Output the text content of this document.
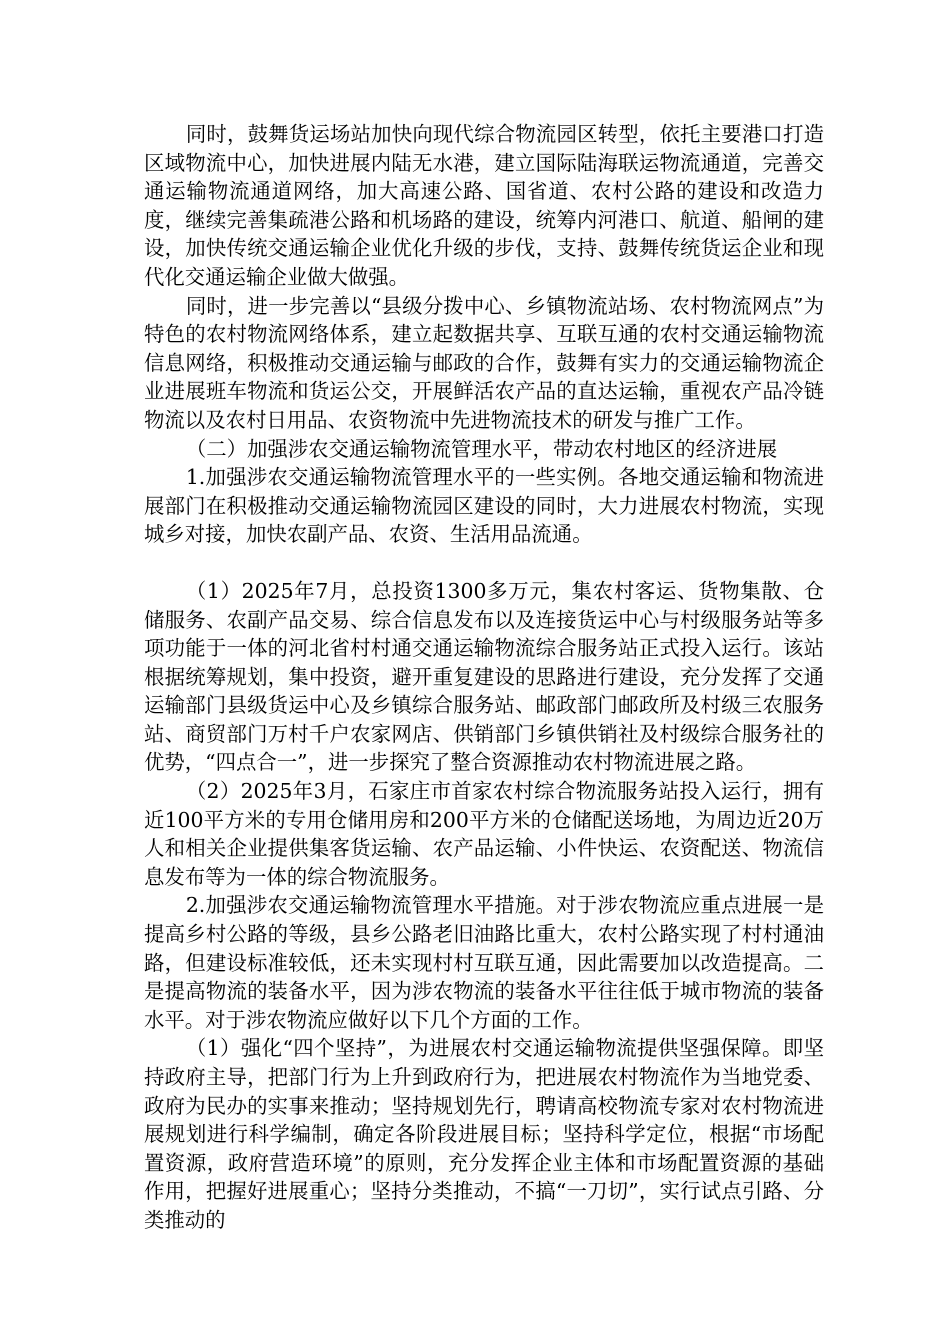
同时，鼓舞货运场站加快向现代综合物流园区转型，依托主要港口打造区域物流中心，加快进展内陆无水港，建立国际陆海联运物流通道，完善交通运输物流通道网络，加大高速公路、国省道、农村公路的建设和改造力度，继续完善集疏港公路和机场路的建设，统筹内河港口、航道、船闸的建设，加快传统交通运输企业优化升级的步伐，支持、鼓舞传统货运企业和现代化交通运输企业做大做强。

同时，进一步完善以“县级分拨中心、乡镇物流站场、农村物流网点”为特色的农村物流网络体系，建立起数据共享、互联互通的农村交通运输物流信息网络，积极推动交通运输与邮政的合作，鼓舞有实力的交通运输物流企业进展班车物流和货运公交，开展鲜活农产品的直达运输，重视农产品冷链物流以及农村日用品、农资物流中先进物流技术的研发与推广工作。

（二）加强涉农交通运输物流管理水平，带动农村地区的经济进展

1.加强涉农交通运输物流管理水平的一些实例。各地交通运输和物流进展部门在积极推动交通运输物流园区建设的同时，大力进展农村物流，实现城乡对接，加快农副产品、农资、生活用品流通。

（1）2025年7月，总投资1300多万元，集农村客运、货物集散、仓储服务、农副产品交易、综合信息发布以及连接货运中心与村级服务站等多项功能于一体的河北省村村通交通运输物流综合服务站正式投入运行。该站根据统筹规划，集中投资，避开重复建设的思路进行建设，充分发挥了交通运输部门县级货运中心及乡镇综合服务站、邮政部门邮政所及村级三农服务站、商贸部门万村千户农家网店、供销部门乡镇供销社及村级综合服务社的优势，“四点合一”，进一步探究了整合资源推动农村物流进展之路。

（2）2025年3月，石家庄市首家农村综合物流服务站投入运行，拥有近100平方米的专用仓储用房和200平方米的仓储配送场地，为周边近20万人和相关企业提供集客货运输、农产品运输、小件快运、农资配送、物流信息发布等为一体的综合物流服务。

2.加强涉农交通运输物流管理水平措施。对于涉农物流应重点进展一是提高乡村公路的等级，县乡公路老旧油路比重大，农村公路实现了村村通油路，但建设标准较低，还未实现村村互联互通，因此需要加以改造提高。二是提高物流的装备水平，因为涉农物流的装备水平往往低于城市物流的装备水平。对于涉农物流应做好以下几个方面的工作。

（1）强化“四个坚持”，为进展农村交通运输物流提供坚强保障。即坚持政府主导，把部门行为上升到政府行为，把进展农村物流作为当地党委、政府为民办的实事来推动；坚持规划先行，聘请高校物流专家对农村物流进展规划进行科学编制，确定各阶段进展目标；坚持科学定位，根据“市场配置资源，政府营造环境”的原则，充分发挥企业主体和市场配置资源的基础作用，把握好进展重心；坚持分类推动，不搞“一刀切”，实行试点引路、分类推动的
